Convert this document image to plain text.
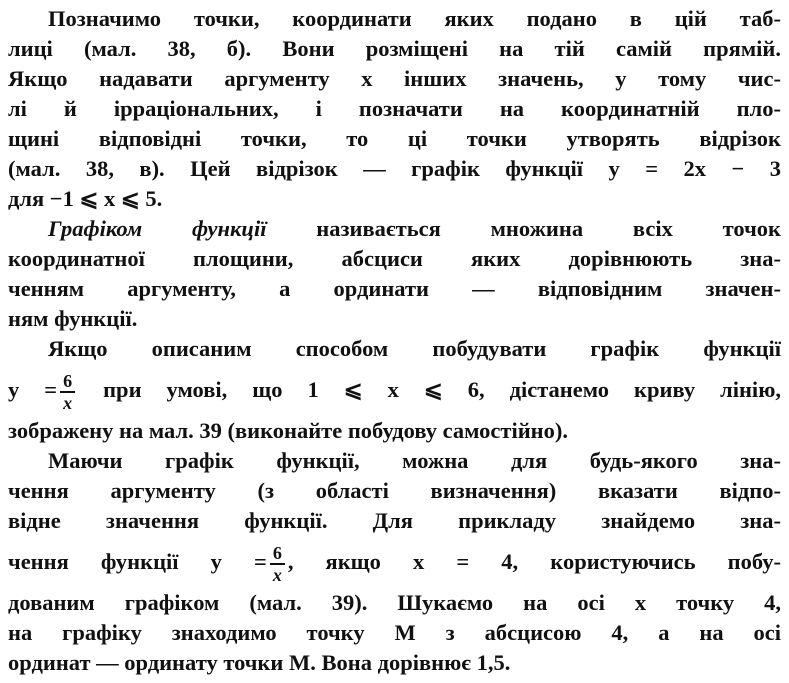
Позначимо точки, координати яких подано в цій таб-
лиці (мал. 38, б). Вони розміщені на тій самій прямій.
Якщо надавати аргументу x інших значень, у тому чис-
лі й ірраціональних, і позначати на координатній пло-
щині відповідні точки, то ці точки утворять відрізок
(мал. 38, в). Цей відрізок — графік функції y = 2x − 3
для −1 ⩽ x ⩽ 5.
Графіком функції називається множина всіх точок
координатної площини, абсциси яких дорівнюють зна-
ченням аргументу, а ординати — відповідним значен-
ням функції.
Якщо описаним способом побудувати графік функції
$y = \frac{6}{x}$ при умові, що 1 ⩽ x ⩽ 6, дістанемо криву лінію,
зображену на мал. 39 (виконайте побудову самостійно).
Маючи графік функції, можна для будь-якого зна-
чення аргументу (з області визначення) вказати відпо-
відне значення функції. Для прикладу знайдемо зна-
чення функції $y = \frac{6}{x}$ , якщо x = 4, користуючись побу-
дованим графіком (мал. 39). Шукаємо на осі x точку 4,
на графіку знаходимо точку M з абсцисою 4, а на осі
ординат — ординату точки M. Вона дорівнює 1,5.
